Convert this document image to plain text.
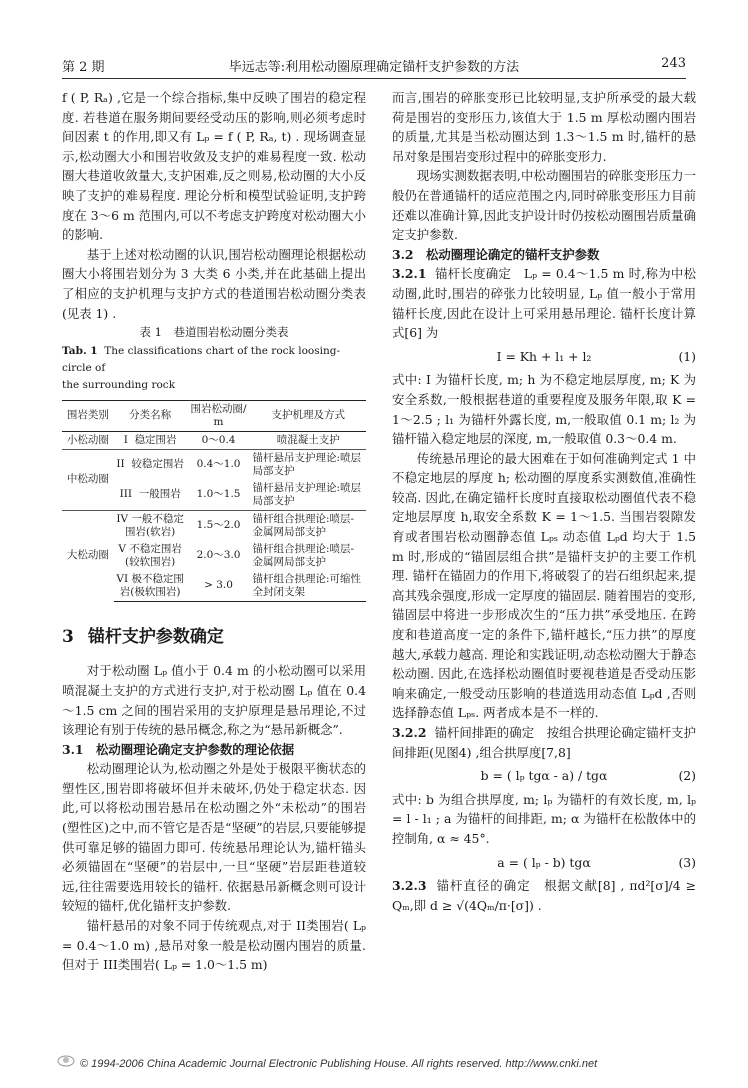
第 2 期	毕远志等:利用松动圈原理确定锚杆支护参数的方法	243

f ( P, Rₐ) ,它是一个综合指标,集中反映了围岩的稳定程度. 若巷道在服务期间要经受动压的影响,则必须考虑时间因素 t 的作用,即又有 Lₚ = f ( P, Rₐ, t) . 现场调查显示,松动圈大小和围岩收敛及支护的难易程度一致. 松动圈大巷道收敛量大,支护困难,反之则易,松动圈的大小反映了支护的难易程度. 理论分析和模型试验证明,支护跨度在 3～6 m 范围内,可以不考虑支护跨度对松动圈大小的影响.

基于上述对松动圈的认识,围岩松动圈理论根据松动圈大小将围岩划分为 3 大类 6 小类,并在此基础上提出了相应的支护机理与支护方式的巷道围岩松动圈分类表(见表 1) .

表 1　巷道围岩松动圈分类表

Tab. 1 The classifications chart of the rock loosing-circle of

the surrounding rock

围岩类别	分类名称	围岩松动圈/ m	支护机理及方式
小松动圈	I 稳定围岩	0～0.4	喷混凝土支护
中松动圈	II 较稳定围岩	0.4～1.0	锚杆悬吊支护理论:喷层局部支护
	III 一般围岩	1.0～1.5	锚杆悬吊支护理论:喷层局部支护
大松动圈	IV 一般不稳定围岩(软岩)	1.5～2.0	锚杆组合拱理论:喷层-金属网局部支护
	V 不稳定围岩(较软围岩)	2.0～3.0	锚杆组合拱理论:喷层-金属网局部支护
	VI 极不稳定围岩(极软围岩)	> 3.0	锚杆组合拱理论:可缩性全封闭支架

3 锚杆支护参数确定

对于松动圈 Lₚ 值小于 0.4 m 的小松动圈可以采用喷混凝土支护的方式进行支护,对于松动圈 Lₚ 值在 0.4～1.5 cm 之间的围岩采用的支护原理是悬吊理论,不过该理论有别于传统的悬吊概念,称之为“悬吊新概念”.

3.1　松动圈理论确定支护参数的理论依据

松动圈理论认为,松动圈之外是处于极限平衡状态的塑性区,围岩即将破坏但并未破坏,仍处于稳定状态. 因此,可以将松动围岩悬吊在松动圈之外“未松动”的围岩(塑性区)之中,而不管它是否是“坚硬”的岩层,只要能够提供可靠足够的锚固力即可. 传统悬吊理论认为,锚杆锚头必须锚固在“坚硬”的岩层中,一旦“坚硬”岩层距巷道较远,往往需要选用较长的锚杆. 依据悬吊新概念则可设计较短的锚杆,优化锚杆支护参数.

锚杆悬吊的对象不同于传统观点,对于 II类围岩( Lₚ = 0.4～1.0 m) ,悬吊对象一般是松动圈内围岩的质量. 但对于 III类围岩( Lₚ = 1.0～1.5 m)

而言,围岩的碎胀变形已比较明显,支护所承受的最大载荷是围岩的变形压力,该值大于 1.5 m 厚松动圈内围岩的质量,尤其是当松动圈达到 1.3～1.5 m 时,锚杆的悬吊对象是围岩变形过程中的碎胀变形力.

现场实测数据表明,中松动圈围岩的碎胀变形压力一般仍在普通锚杆的适应范围之内,同时碎胀变形压力目前还难以准确计算,因此支护设计时仍按松动圈围岩质量确定支护参数.

3.2　松动圈理论确定的锚杆支护参数

3.2.1 锚杆长度确定　Lₚ = 0.4～1.5 m 时,称为中松动圈,此时,围岩的碎张力比较明显, Lₚ 值一般小于常用锚杆长度,因此在设计上可采用悬吊理论. 锚杆长度计算式[6] 为

I = Kh + l₁ + l₂	(1)

式中: I 为锚杆长度, m; h 为不稳定地层厚度, m; K 为安全系数,一般根据巷道的重要程度及服务年限,取 K = 1～2.5 ; l₁ 为锚杆外露长度, m,一般取值 0.1 m; l₂ 为锚杆锚入稳定地层的深度, m,一般取值 0.3～0.4 m.

传统悬吊理论的最大困难在于如何准确判定式 1 中不稳定地层的厚度 h; 松动圈的厚度系实测数值,准确性较高. 因此,在确定锚杆长度时直接取松动圈值代表不稳定地层厚度 h,取安全系数 K = 1～1.5. 当围岩裂隙发育或者围岩松动圈静态值 Lₚₛ 动态值 Lₚd 均大于 1.5 m 时,形成的“锚固层组合拱”是锚杆支护的主要工作机理. 锚杆在锚固力的作用下,将破裂了的岩石组织起来,提高其残余强度,形成一定厚度的锚固层. 随着围岩的变形,锚固层中将进一步形成次生的“压力拱”承受地压. 在跨度和巷道高度一定的条件下,锚杆越长,“压力拱”的厚度越大,承载力越高. 理论和实践证明,动态松动圈大于静态松动圈. 因此,在选择松动圈值时要视巷道是否受动压影响来确定,一般受动压影响的巷道选用动态值 Lₚd ,否则选择静态值 Lₚₛ. 两者成本是不一样的.

3.2.2 锚杆间排距的确定　按组合拱理论确定锚杆支护间排距(见图4) ,组合拱厚度[7,8]

b = ( lₚ tgα - a) / tgα	(2)

式中: b 为组合拱厚度, m; lₚ 为锚杆的有效长度, m, lₚ = l - l₁ ; a 为锚杆的间排距, m; α 为锚杆在松散体中的控制角, α ≈ 45°.

a = ( lₚ - b) tgα	(3)

3.2.3 锚杆直径的确定　根据文献[8] , πd²[σ]/4 ≥ Qₘ,即 d ≥ √(4Qₘ/π·[σ]) .

© 1994-2006 China Academic Journal Electronic Publishing House. All rights reserved. http://www.cnki.net
